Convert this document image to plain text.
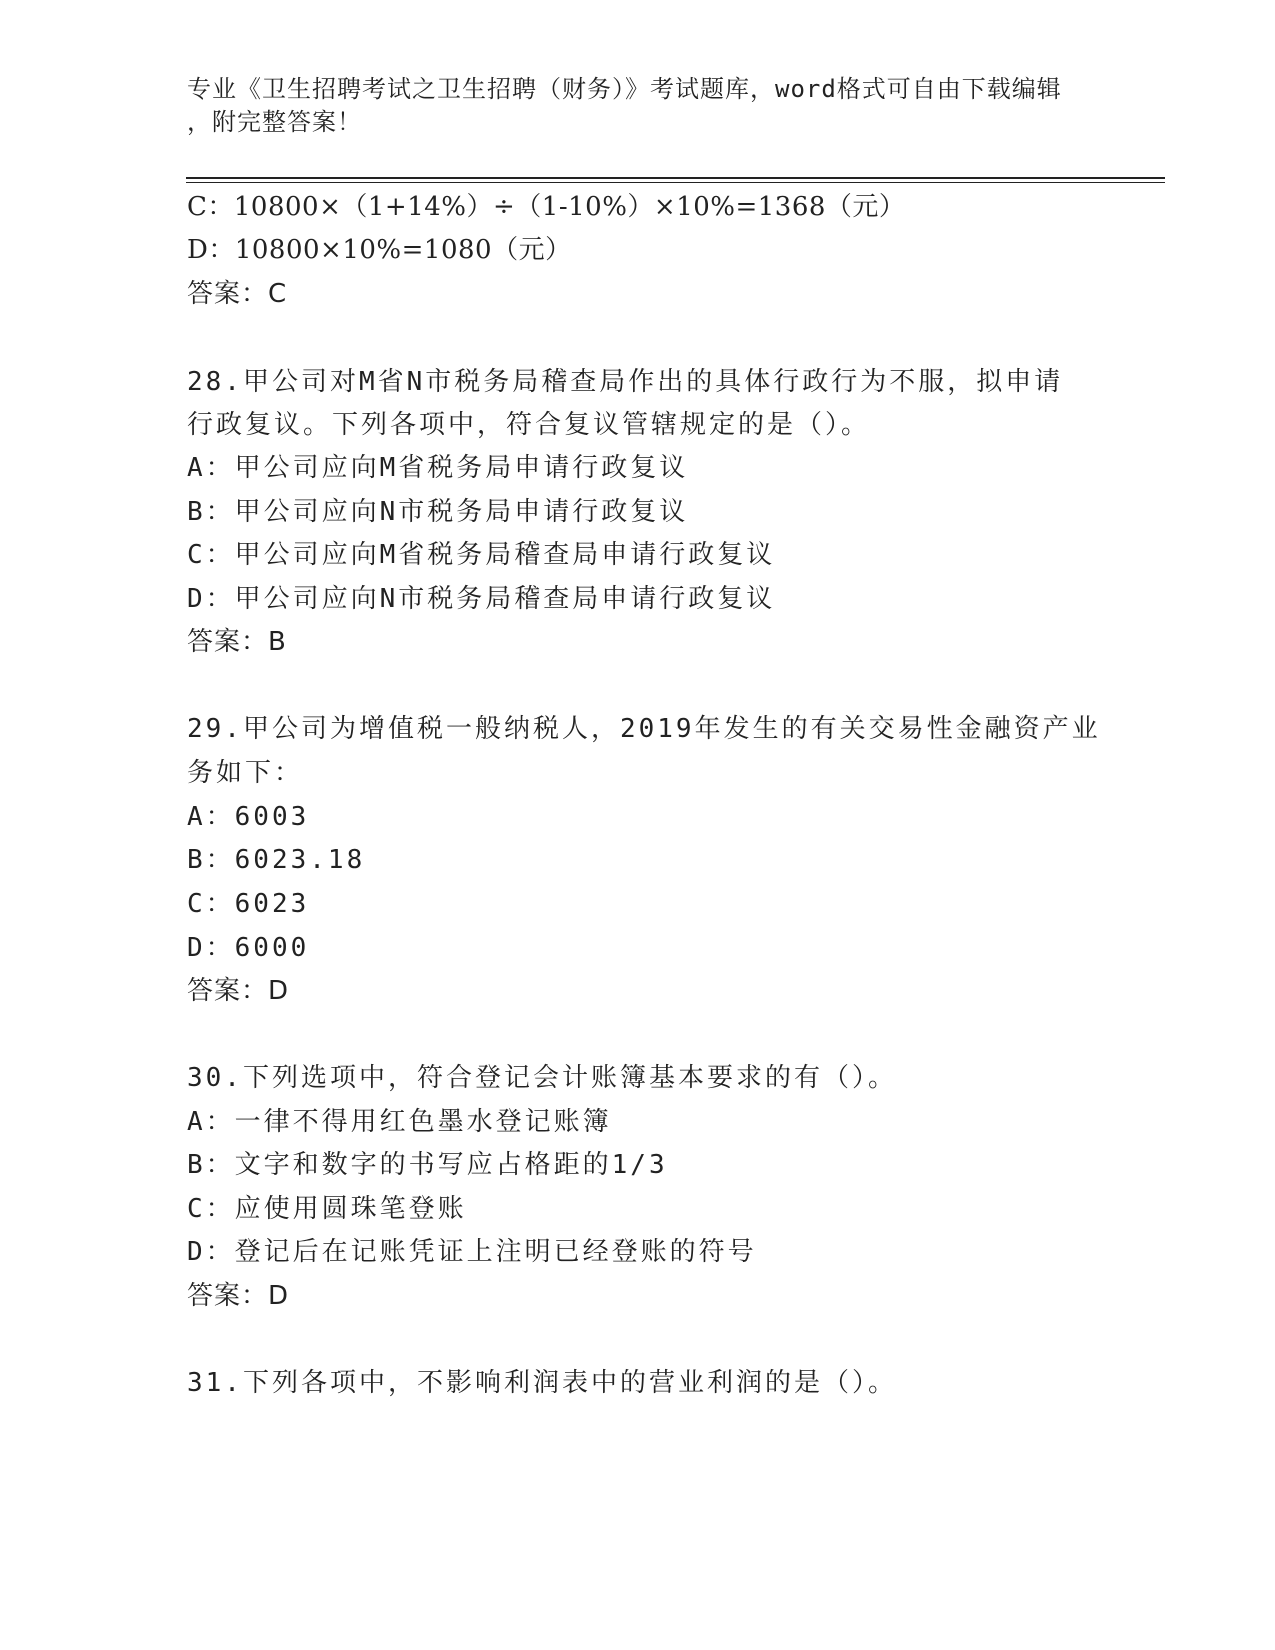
专业《卫生招聘考试之卫生招聘（财务）》考试题库，word格式可自由下载编辑
，附完整答案！
C：10800×（1+14%）÷（1-10%）×10%=1368（元）
D：10800×10%=1080（元）
答案：C
28.甲公司对M省N市税务局稽查局作出的具体行政行为不服，拟申请
行政复议。下列各项中，符合复议管辖规定的是（）。
A：甲公司应向M省税务局申请行政复议
B：甲公司应向N市税务局申请行政复议
C：甲公司应向M省税务局稽查局申请行政复议
D：甲公司应向N市税务局稽查局申请行政复议
答案：B
29.甲公司为增值税一般纳税人，2019年发生的有关交易性金融资产业
务如下：
A：6003
B：6023.18
C：6023
D：6000
答案：D
30.下列选项中，符合登记会计账簿基本要求的有（）。
A：一律不得用红色墨水登记账簿
B：文字和数字的书写应占格距的1/3
C：应使用圆珠笔登账
D：登记后在记账凭证上注明已经登账的符号
答案：D
31.下列各项中，不影响利润表中的营业利润的是（）。
